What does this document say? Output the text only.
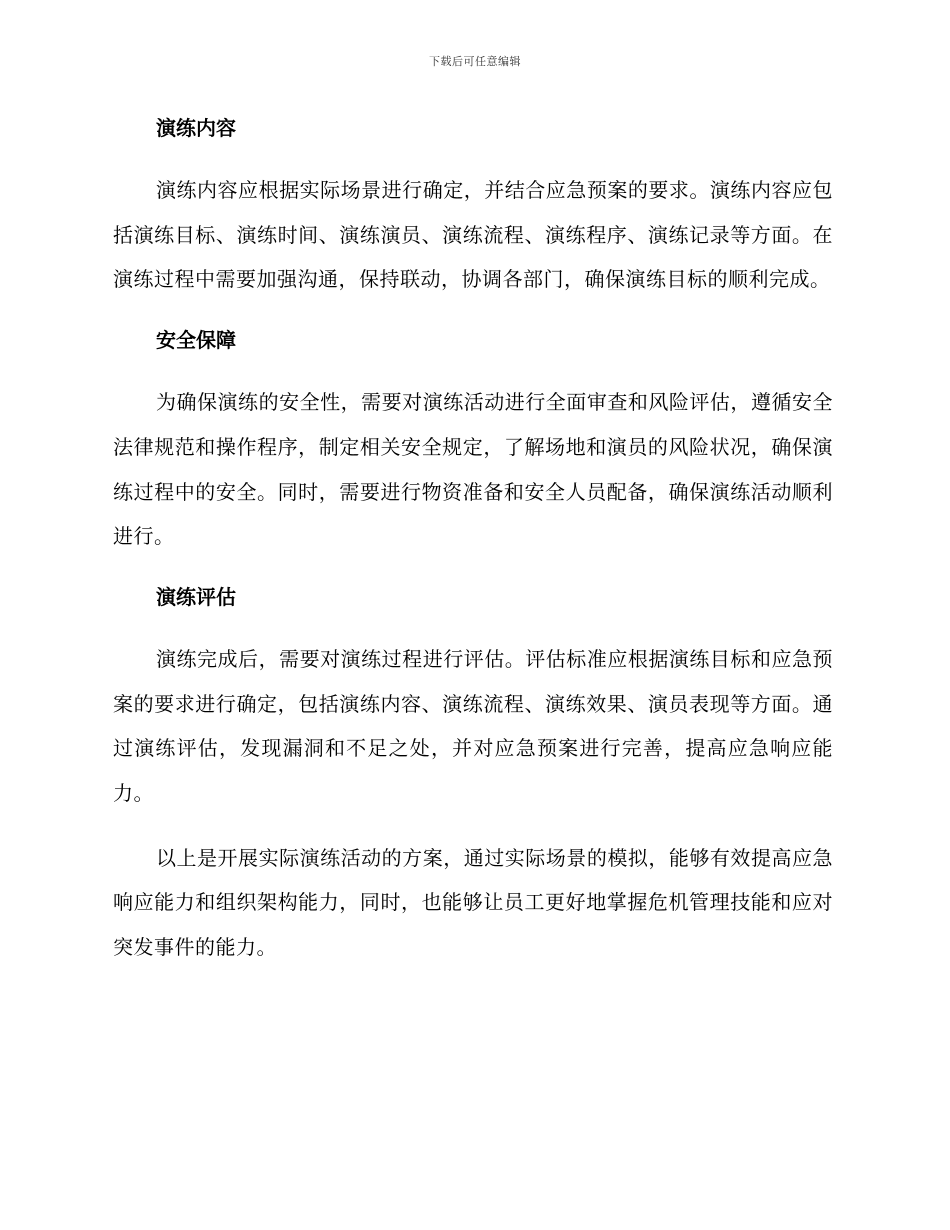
下载后可任意编辑
演练内容

演练内容应根据实际场景进行确定，并结合应急预案的要求。演练内容应包括演练目标、演练时间、演练演员、演练流程、演练程序、演练记录等方面。在演练过程中需要加强沟通，保持联动，协调各部门，确保演练目标的顺利完成。

安全保障

为确保演练的安全性，需要对演练活动进行全面审查和风险评估，遵循安全法律规范和操作程序，制定相关安全规定，了解场地和演员的风险状况，确保演练过程中的安全。同时，需要进行物资准备和安全人员配备，确保演练活动顺利进行。

演练评估

演练完成后，需要对演练过程进行评估。评估标准应根据演练目标和应急预案的要求进行确定，包括演练内容、演练流程、演练效果、演员表现等方面。通过演练评估，发现漏洞和不足之处，并对应急预案进行完善，提高应急响应能力。

以上是开展实际演练活动的方案，通过实际场景的模拟，能够有效提高应急响应能力和组织架构能力，同时，也能够让员工更好地掌握危机管理技能和应对突发事件的能力。
